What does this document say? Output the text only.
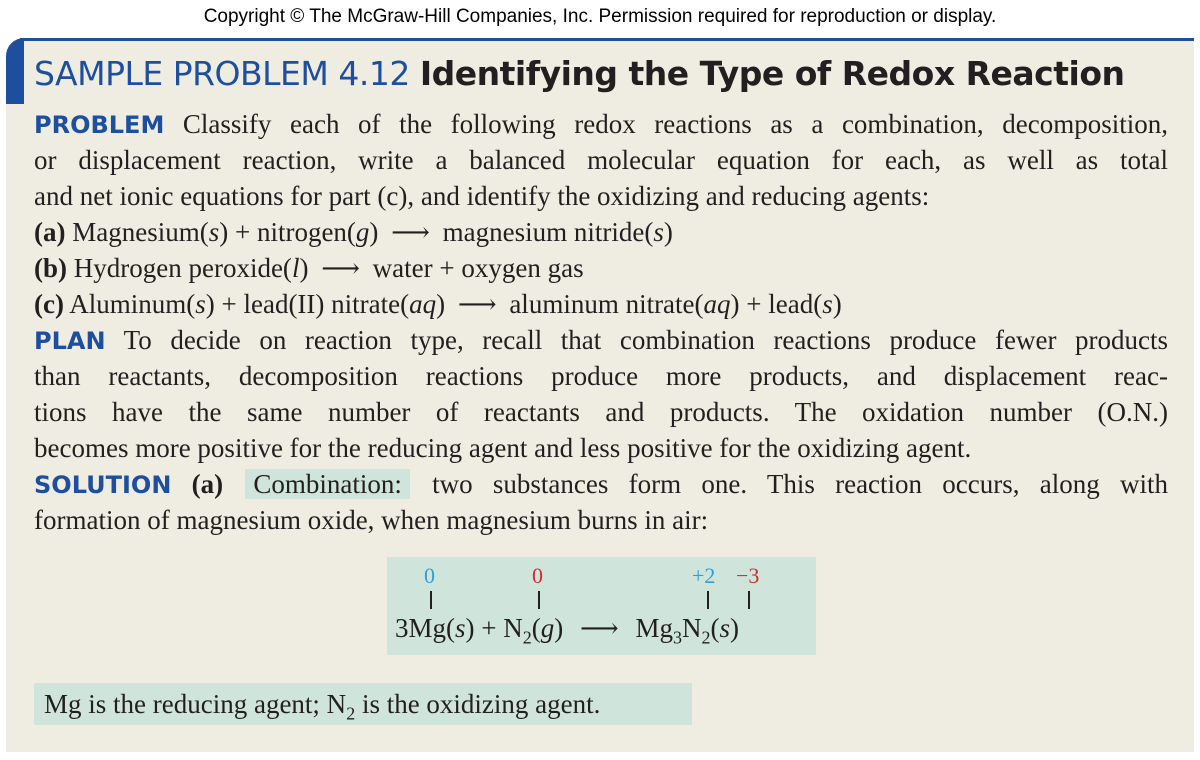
Copyright © The McGraw-Hill Companies, Inc. Permission required for reproduction or display.
SAMPLE PROBLEM 4.12 Identifying the Type of Redox Reaction
PROBLEM Classify each of the following redox reactions as a combination, decomposition,
or displacement reaction, write a balanced molecular equation for each, as well as total
and net ionic equations for part (c), and identify the oxidizing and reducing agents:
(a) Magnesium(s) + nitrogen(g) ⟶ magnesium nitride(s)
(b) Hydrogen peroxide(l) ⟶ water + oxygen gas
(c) Aluminum(s) + lead(II) nitrate(aq) ⟶ aluminum nitrate(aq) + lead(s)
PLAN To decide on reaction type, recall that combination reactions produce fewer products
than reactants, decomposition reactions produce more products, and displacement reac-
tions have the same number of reactants and products. The oxidation number (O.N.)
becomes more positive for the reducing agent and less positive for the oxidizing agent.
SOLUTION (a) Combination: two substances form one. This reaction occurs, along with
formation of magnesium oxide, when magnesium burns in air:
0	0	+2 −3
$3Mg(s) + N_2(g)$ ⟶ $Mg_3N_2(s)$
Mg is the reducing agent; $N_2$ is the oxidizing agent.
